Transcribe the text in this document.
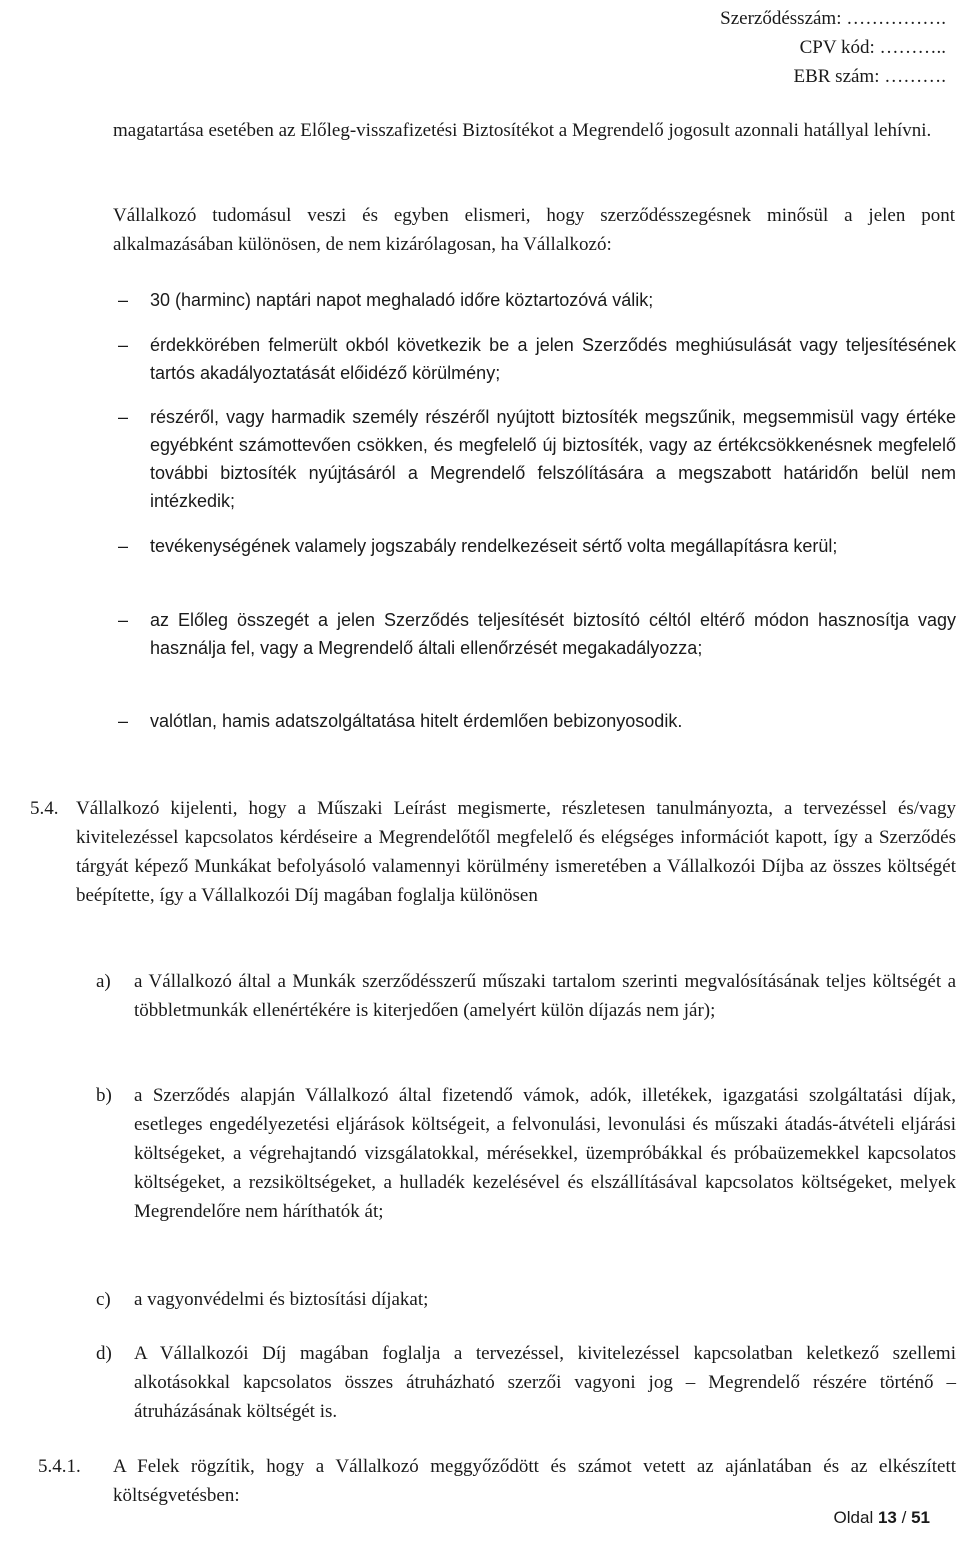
Szerződésszám: …………….
CPV kód: ………..
EBR szám: ……….
magatartása esetében az Előleg-visszafizetési Biztosítékot a Megrendelő jogosult azonnali hatállyal lehívni.
Vállalkozó tudomásul veszi és egyben elismeri, hogy szerződésszegésnek minősül a jelen pont alkalmazásában különösen, de nem kizárólagosan, ha Vállalkozó:
– 30 (harminc) naptári napot meghaladó időre köztartozóvá válik;
– érdekkörében felmerült okból következik be a jelen Szerződés meghiúsulását vagy teljesítésének tartós akadályoztatását előidéző körülmény;
– részéről, vagy harmadik személy részéről nyújtott biztosíték megszűnik, megsemmisül vagy értéke egyébként számottevően csökken, és megfelelő új biztosíték, vagy az értékcsökkenésnek megfelelő további biztosíték nyújtásáról a Megrendelő felszólítására a megszabott határidőn belül nem intézkedik;
– tevékenységének valamely jogszabály rendelkezéseit sértő volta megállapításra kerül;
– az Előleg összegét a jelen Szerződés teljesítését biztosító céltól eltérő módon hasznosítja vagy használja fel, vagy a Megrendelő általi ellenőrzését megakadályozza;
– valótlan, hamis adatszolgáltatása hitelt érdemlően bebizonyosodik.
5.4. Vállalkozó kijelenti, hogy a Műszaki Leírást megismerte, részletesen tanulmányozta, a tervezéssel és/vagy kivitelezéssel kapcsolatos kérdéseire a Megrendelőtől megfelelő és elégséges információt kapott, így a Szerződés tárgyát képező Munkákat befolyásoló valamennyi körülmény ismeretében a Vállalkozói Díjba az összes költségét beépítette, így a Vállalkozói Díj magában foglalja különösen
a) a Vállalkozó által a Munkák szerződésszerű műszaki tartalom szerinti megvalósításának teljes költségét a többletmunkák ellenértékére is kiterjedően (amelyért külön díjazás nem jár);
b) a Szerződés alapján Vállalkozó által fizetendő vámok, adók, illetékek, igazgatási szolgáltatási díjak, esetleges engedélyezetési eljárások költségeit, a felvonulási, levonulási és műszaki átadás-átvételi eljárási költségeket, a végrehajtandó vizsgálatokkal, mérésekkel, üzempróbákkal és próbaüzemekkel kapcsolatos költségeket, a rezsiköltségeket, a hulladék kezelésével és elszállításával kapcsolatos költségeket, melyek Megrendelőre nem háríthatók át;
c) a vagyonvédelmi és biztosítási díjakat;
d) A Vállalkozói Díj magában foglalja a tervezéssel, kivitelezéssel kapcsolatban keletkező szellemi alkotásokkal kapcsolatos összes átruházható szerzői vagyoni jog – Megrendelő részére történő – átruházásának költségét is.
5.4.1. A Felek rögzítik, hogy a Vállalkozó meggyőződött és számot vetett az ajánlatában és az elkészített költségvetésben:
Oldal 13 / 51
